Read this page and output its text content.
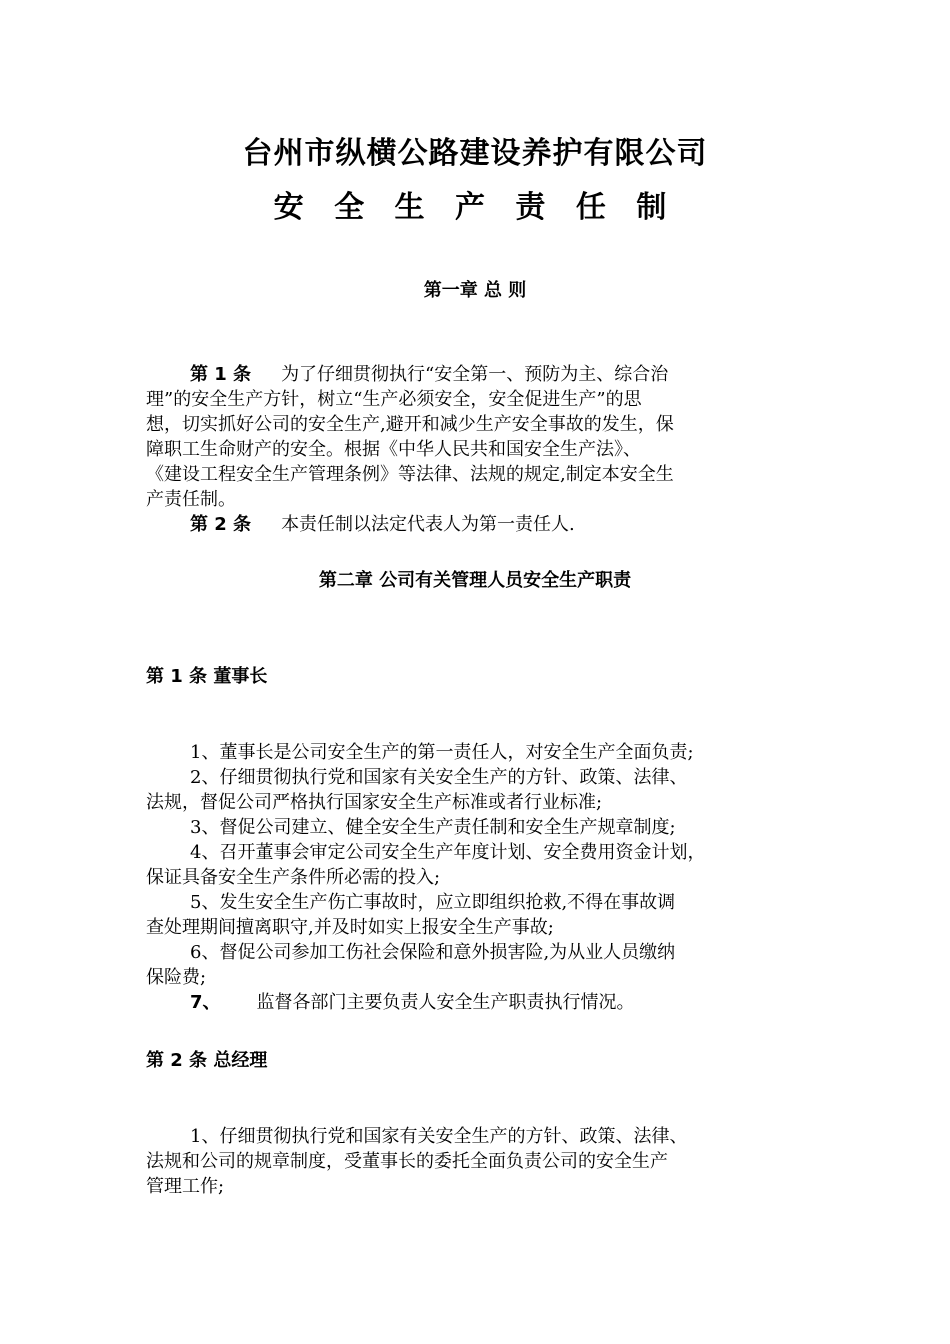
台州市纵横公路建设养护有限公司
安 全 生 产 责 任 制
第一章 总 则
第 1 条 为了仔细贯彻执行“安全第一、预防为主、综合治
理”的安全生产方针，树立“生产必须安全，安全促进生产”的思
想，切实抓好公司的安全生产,避开和减少生产安全事故的发生，保
障职工生命财产的安全。根据《中华人民共和国安全生产法》、
《建设工程安全生产管理条例》等法律、法规的规定,制定本安全生
产责任制。
第 2 条 本责任制以法定代表人为第一责任人.
第二章 公司有关管理人员安全生产职责
第 1 条 董事长
1、董事长是公司安全生产的第一责任人，对安全生产全面负责;
2、仔细贯彻执行党和国家有关安全生产的方针、政策、法律、
法规，督促公司严格执行国家安全生产标准或者行业标准;
3、督促公司建立、健全安全生产责任制和安全生产规章制度;
4、召开董事会审定公司安全生产年度计划、安全费用资金计划，
保证具备安全生产条件所必需的投入;
5、发生安全生产伤亡事故时，应立即组织抢救,不得在事故调
查处理期间擅离职守,并及时如实上报安全生产事故;
6、督促公司参加工伤社会保险和意外损害险,为从业人员缴纳
保险费;
7、 监督各部门主要负责人安全生产职责执行情况。
第 2 条 总经理
1、仔细贯彻执行党和国家有关安全生产的方针、政策、法律、
法规和公司的规章制度，受董事长的委托全面负责公司的安全生产
管理工作;
